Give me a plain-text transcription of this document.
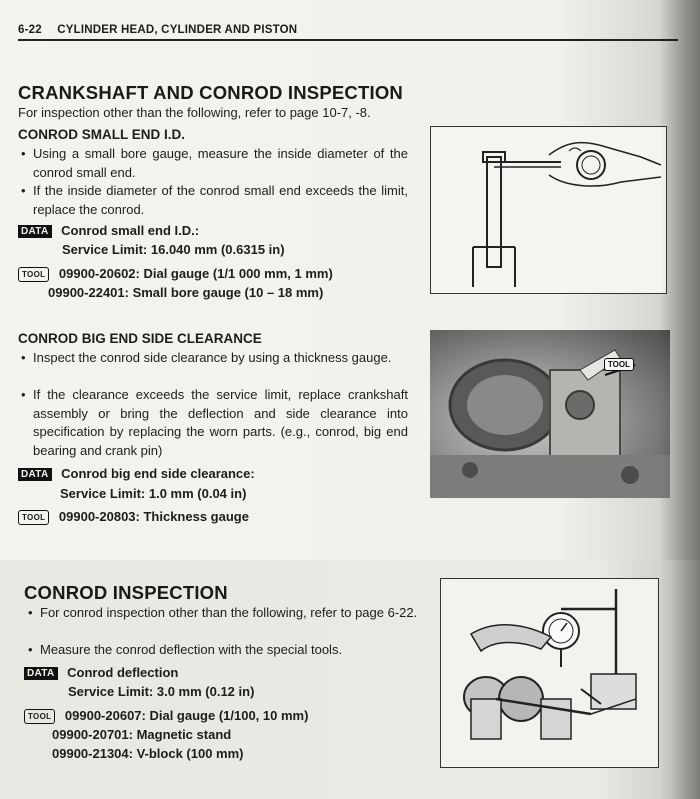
6-22 CYLINDER HEAD, CYLINDER AND PISTON
CRANKSHAFT AND CONROD INSPECTION
For inspection other than the following, refer to page 10-7, -8.
CONROD SMALL END I.D.
• Using a small bore gauge, measure the inside diameter of the conrod small end.
• If the inside diameter of the conrod small end exceeds the limit, replace the conrod.
DATA Conrod small end I.D.:
Service Limit: 16.040 mm (0.6315 in)
TOOL 09900-20602: Dial gauge (1/1 000 mm, 1 mm)
09900-22401: Small bore gauge (10 – 18 mm)
CONROD BIG END SIDE CLEARANCE
• Inspect the conrod side clearance by using a thickness gauge.
• If the clearance exceeds the service limit, replace crankshaft assembly or bring the deflection and side clearance into specification by replacing the worn parts. (e.g., conrod, big end bearing and crank pin)
DATA Conrod big end side clearance:
Service Limit: 1.0 mm (0.04 in)
TOOL 09900-20803: Thickness gauge
TOOL
CONROD INSPECTION
• For conrod inspection other than the following, refer to page 6-22.
• Measure the conrod deflection with the special tools.
DATA Conrod deflection
Service Limit: 3.0 mm (0.12 in)
TOOL 09900-20607: Dial gauge (1/100, 10 mm)
09900-20701: Magnetic stand
09900-21304: V-block (100 mm)
